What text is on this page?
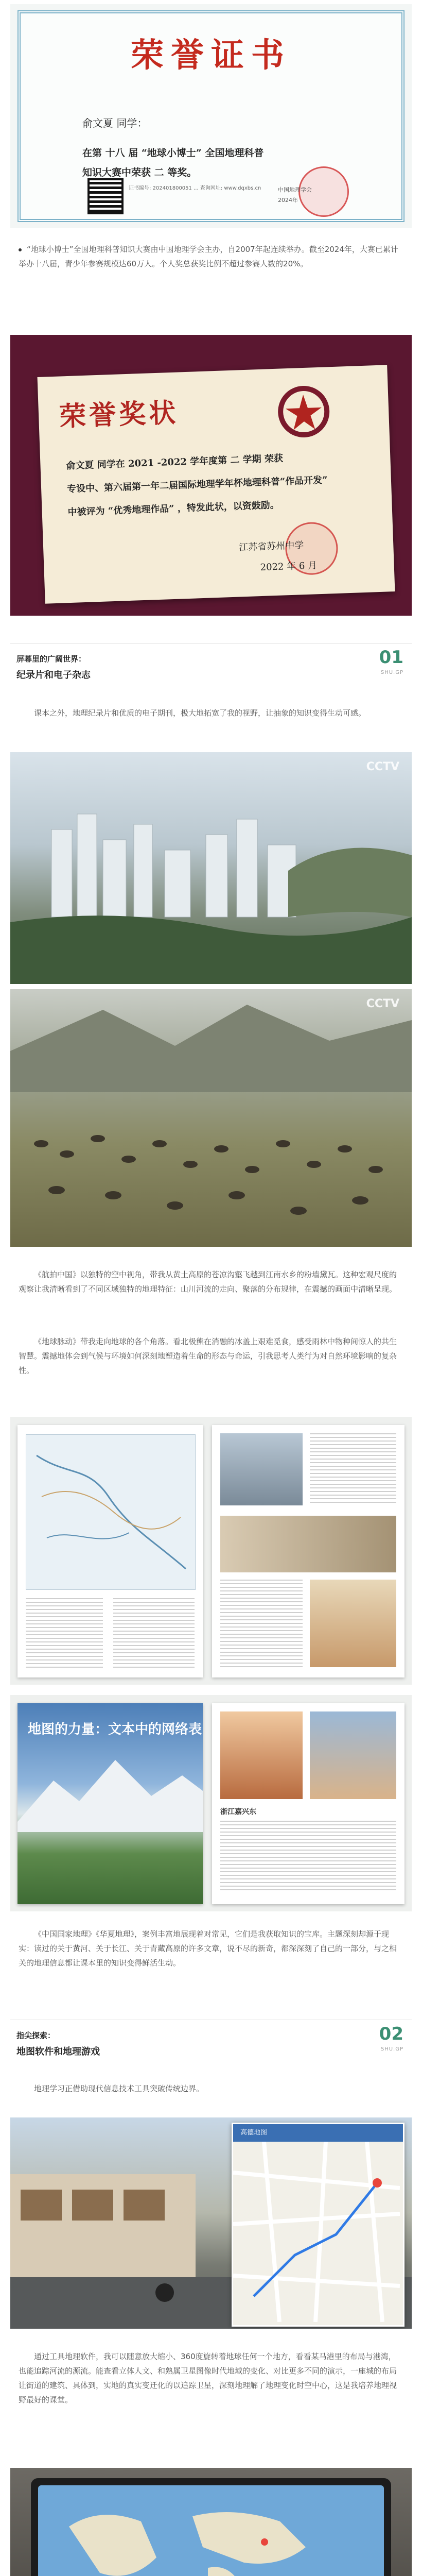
荣誉证书
俞文夏 同学：
在第 十八 届 “地球小博士” 全国地理科普
知识大赛中荣获 二 等奖。
证书编号: 202401800051 ... 查询网址: www.dqxbs.cn	中国地理学会
2024年
“地球小博士”全国地理科普知识大赛由中国地理学会主办，自2007年起连续举办。截至2024年，大赛已累计举办十八届，青少年参赛规模达60万人。个人奖总获奖比例不超过参赛人数的20%。
荣誉奖状
俞文夏 同学在 2021 -2022 学年度第 二 学期 荣获
专设中、第六届第一年二届国际地理学年杯地理科普“作品开发”
中被评为 “优秀地理作品” ，特发此状，以资鼓励。
江苏省苏州中学
2022 年 6 月
屏幕里的广阔世界：
纪录片和电子杂志
01
SHU.GP
课本之外，地理纪录片和优质的电子期刊，极大地拓宽了我的视野，让抽象的知识变得生动可感。
CCTV
CCTV
《航拍中国》以独特的空中视角，带我从黄土高原的苍凉沟壑飞越到江南水乡的粉墙黛瓦。这种宏观尺度的观察让我清晰看到了不同区域独特的地理特征：山川河流的走向、聚落的分布规律，在震撼的画面中清晰呈现。
《地球脉动》带我走向地球的各个角落。看北极熊在消融的冰盖上艰难觅食，感受雨林中物种间惊人的共生智慧。震撼地体会到气候与环境如何深刻地塑造着生命的形态与命运，引我思考人类行为对自然环境影响的复杂性。
地图的力量：文本中的网络表
浙江嘉兴东
《中国国家地理》《华夏地理》，案例丰富地展现着对常见，它们是我获取知识的宝库。主题深刻却源于现实：读过的关于黄河、关于长江、关于青藏高原的许多文章，说不尽的新奇，都深深刻了自己的一部分，与之相关的地理信息都让课本里的知识变得鲜活生动。
指尖探索：
地图软件和地理游戏
02
SHU.GP
地理学习正借助现代信息技术工具突破传统边界。
高德地图
通过工具地理软件，我可以随意放大缩小、360度旋转着地球任何一个地方，看看某马港里的布局与港湾，也能追踪河流的源流。能查看立体人文、和熟属卫星图像时代地域的变化、对比更多不同的演示，一座城的布局让街道的建筑、具体到，实地的真实变迁化的以追踪卫星，深刻地理解了地理变化时空中心，这是我培养地理视野最好的课堂。
